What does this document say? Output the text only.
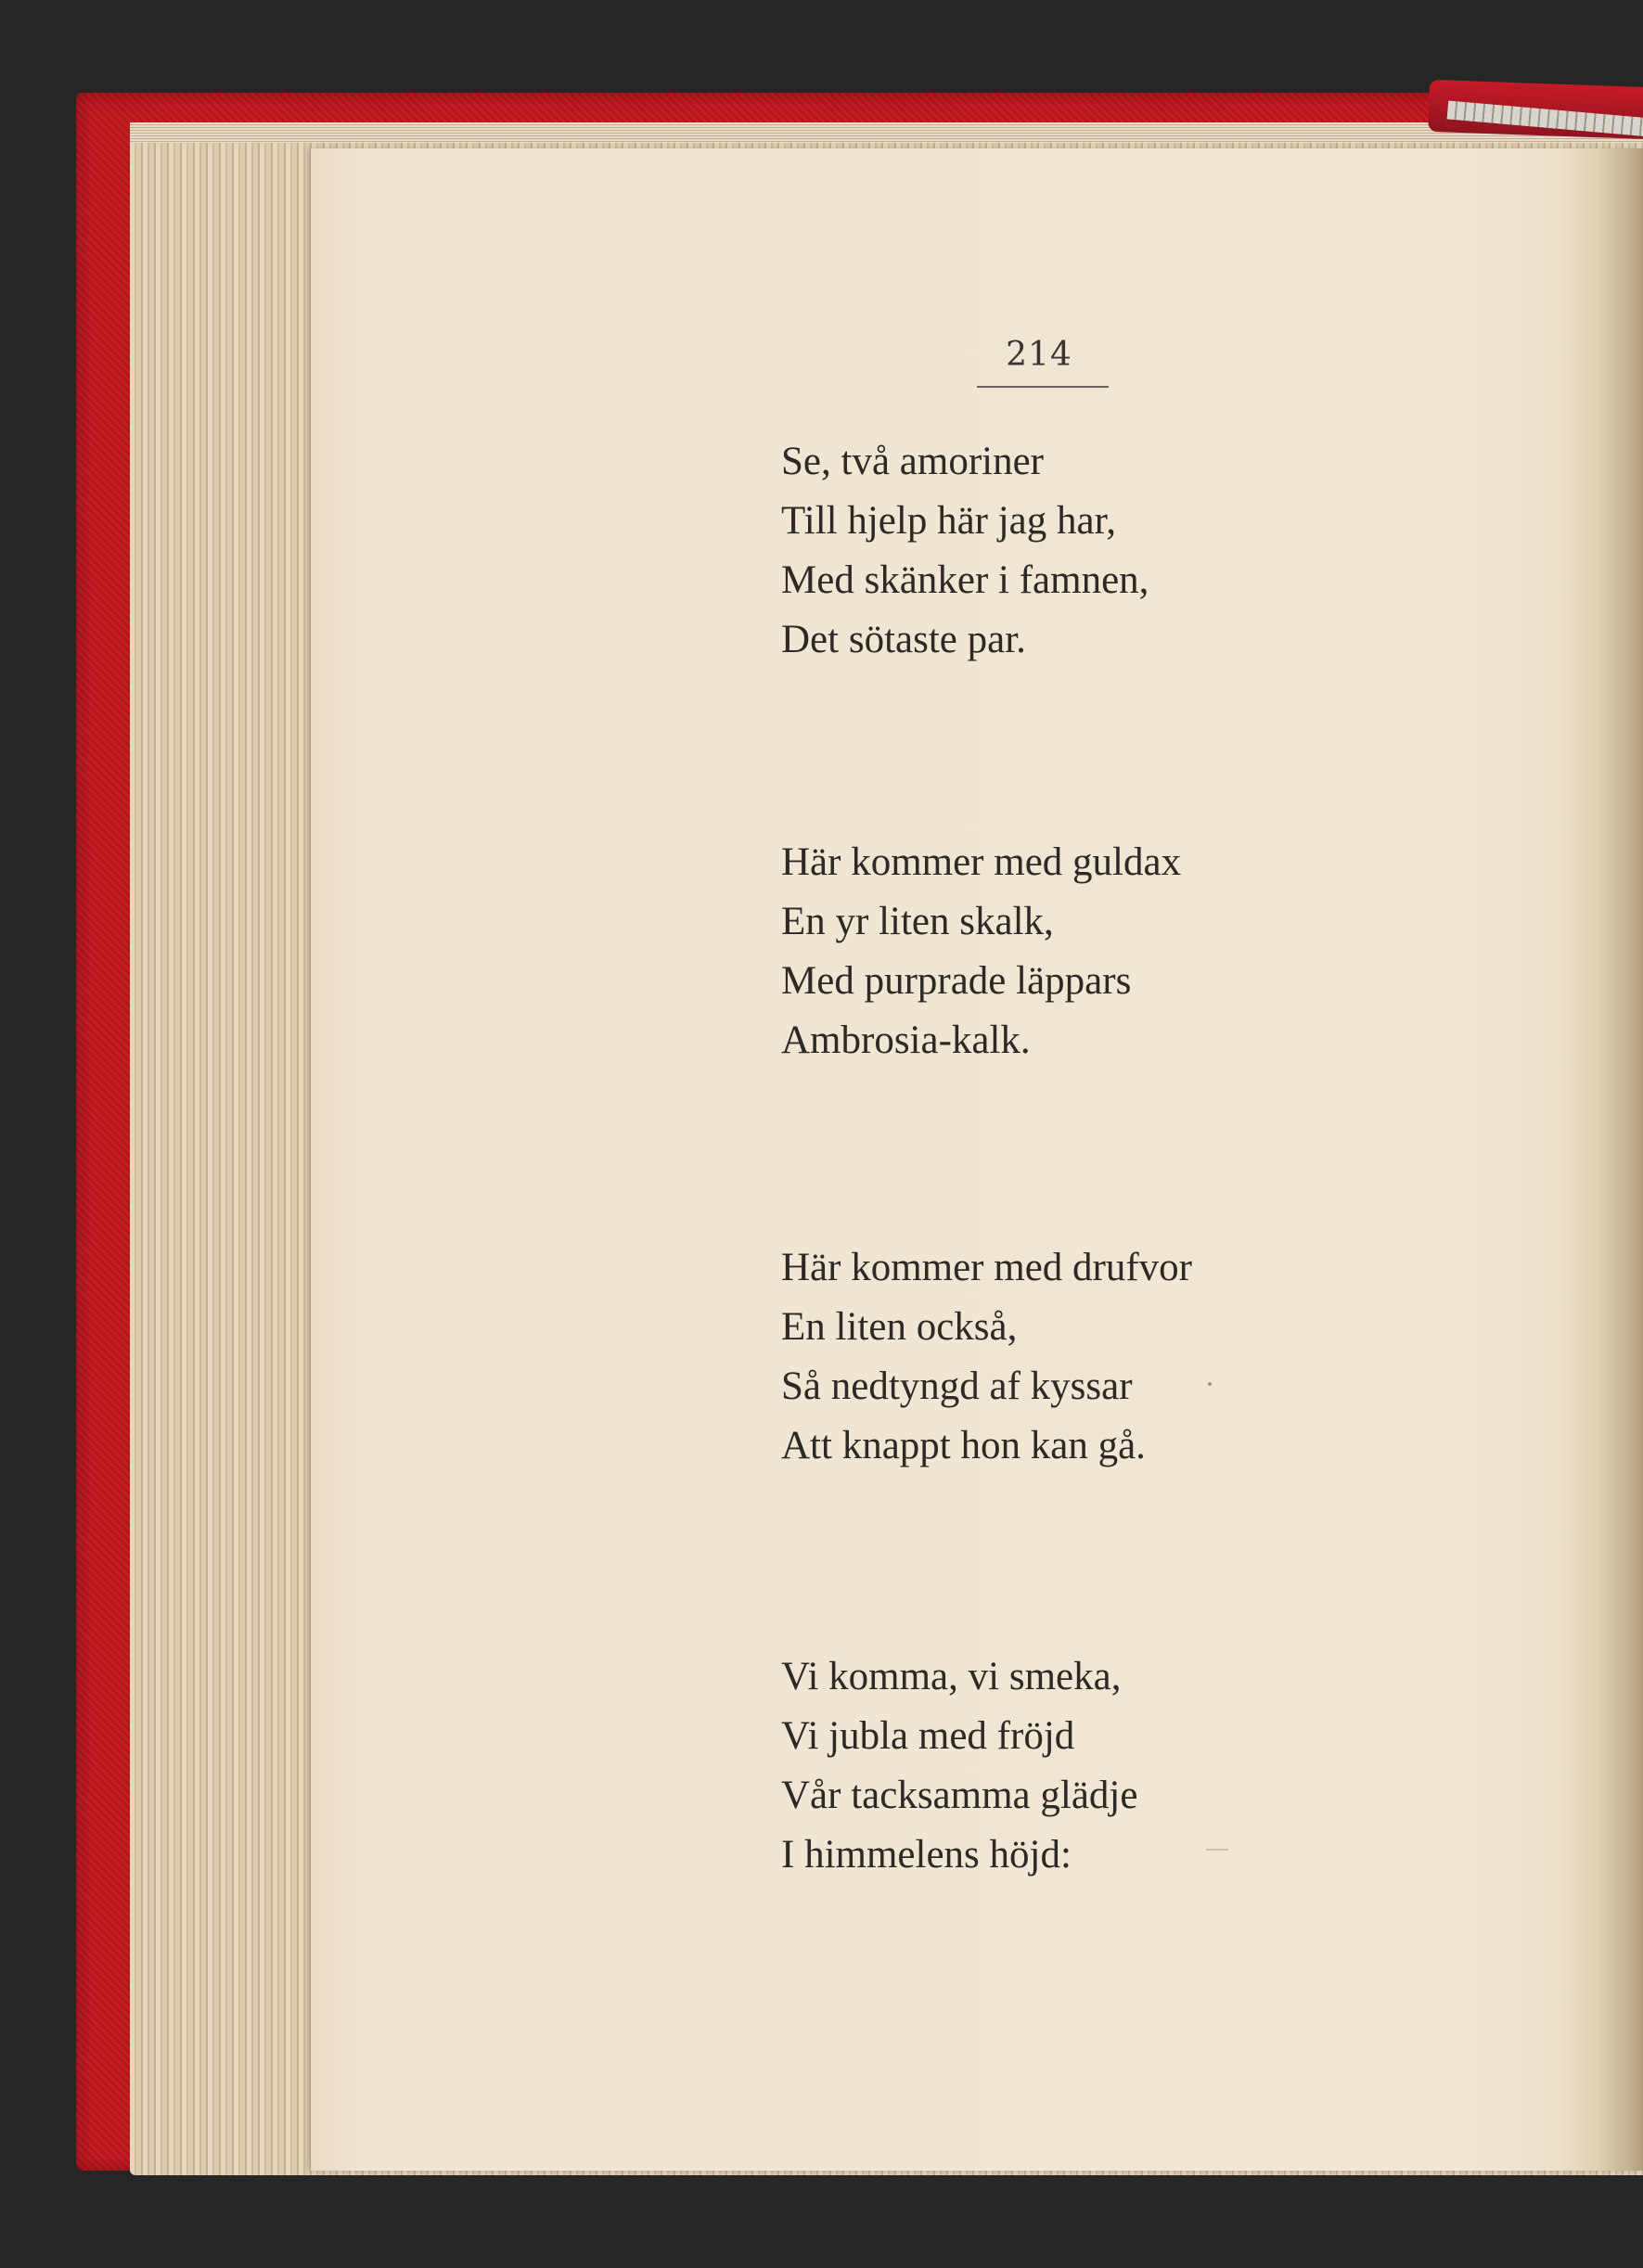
214
Se, två amoriner
Till hjelp här jag har,
Med skänker i famnen,
Det sötaste par.
Här kommer med guldax
En yr liten skalk,
Med purprade läppars
Ambrosia-kalk.
Här kommer med drufvor
En liten också,
Så nedtyngd af kyssar
Att knappt hon kan gå.
Vi komma, vi smeka,
Vi jubla med fröjd
Vår tacksamma glädje
I himmelens höjd:
